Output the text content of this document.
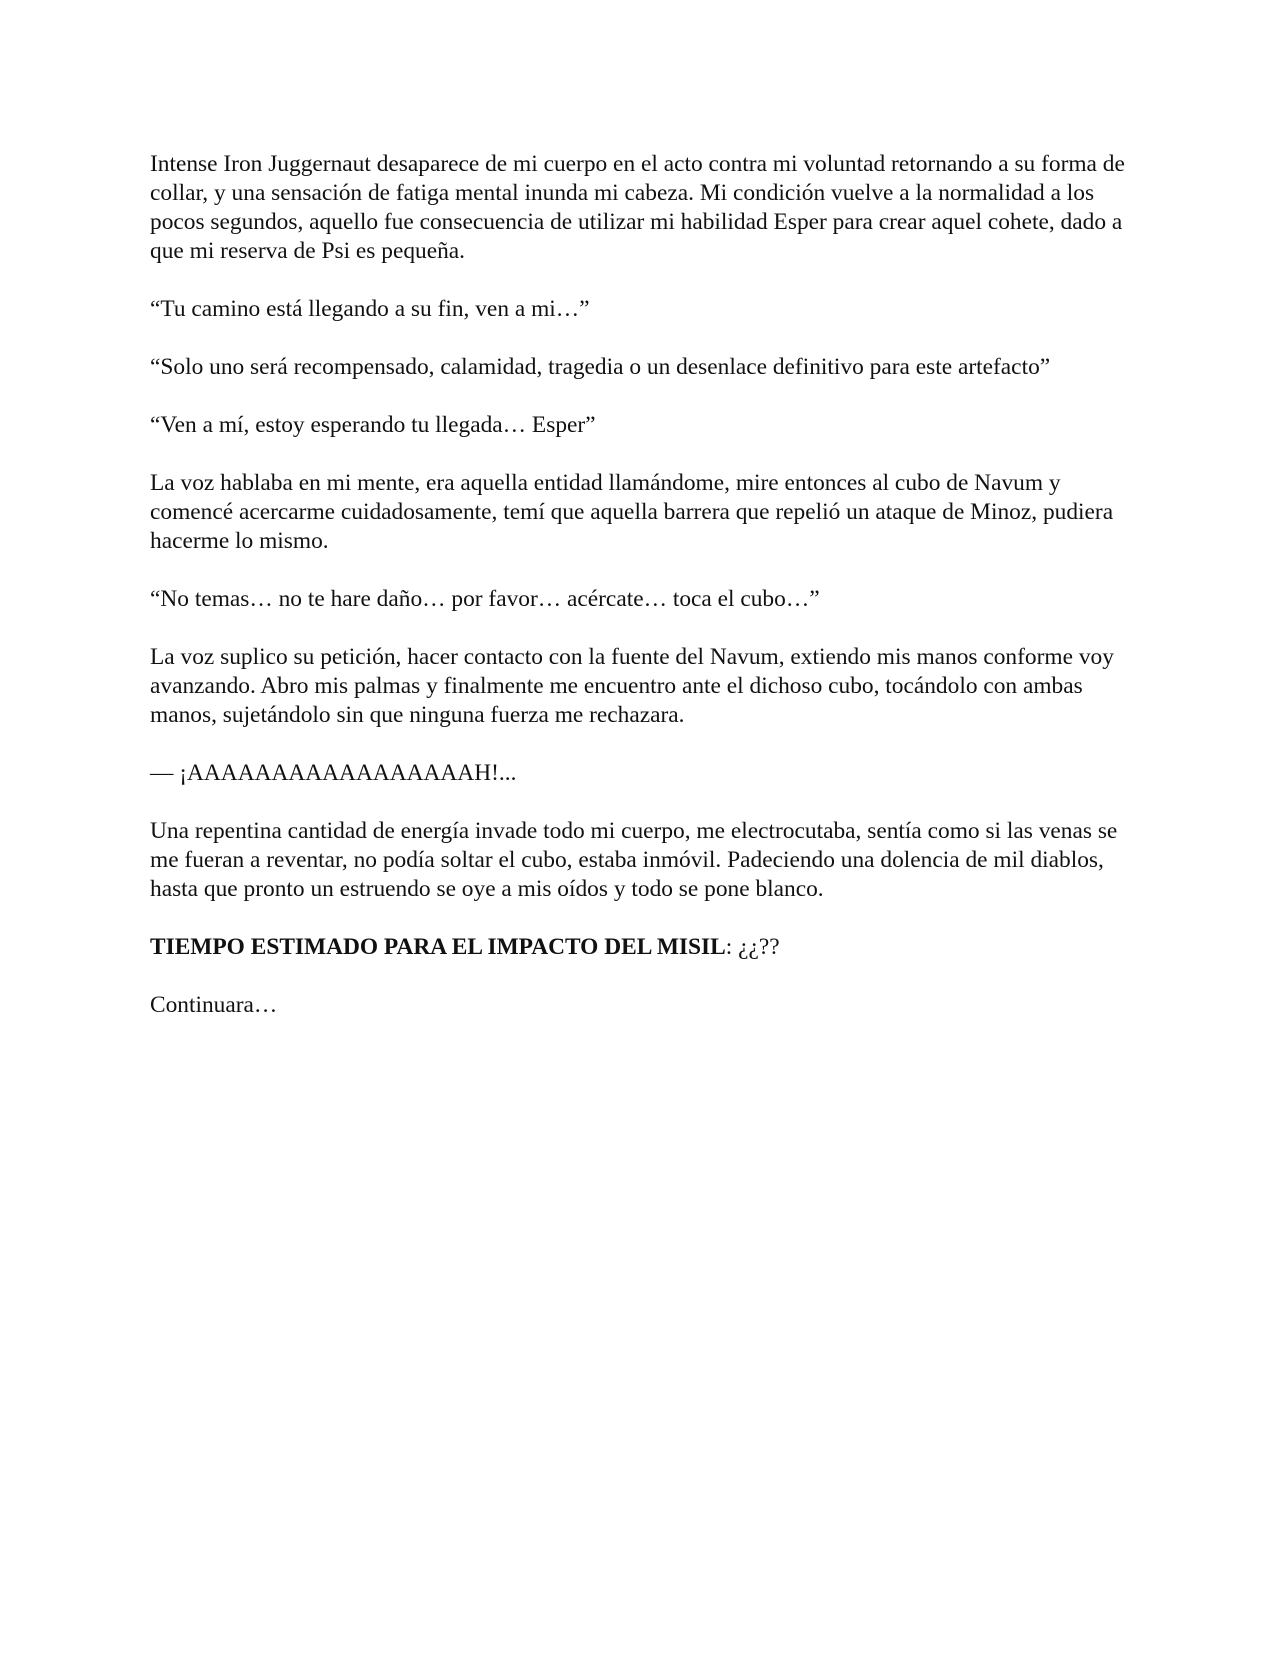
Intense Iron Juggernaut desaparece de mi cuerpo en el acto contra mi voluntad retornando a su forma de collar, y una sensación de fatiga mental inunda mi cabeza. Mi condición vuelve a la normalidad a los pocos segundos, aquello fue consecuencia de utilizar mi habilidad Esper para crear aquel cohete, dado a que mi reserva de Psi es pequeña.

“Tu camino está llegando a su fin, ven a mi…”

“Solo uno será recompensado, calamidad, tragedia o un desenlace definitivo para este artefacto”

“Ven a mí, estoy esperando tu llegada… Esper”

La voz hablaba en mi mente, era aquella entidad llamándome, mire entonces al cubo de Navum y comencé acercarme cuidadosamente, temí que aquella barrera que repelió un ataque de Minoz, pudiera hacerme lo mismo.

“No temas… no te hare daño… por favor… acércate… toca el cubo…”

La voz suplico su petición, hacer contacto con la fuente del Navum, extiendo mis manos conforme voy avanzando. Abro mis palmas y finalmente me encuentro ante el dichoso cubo, tocándolo con ambas manos, sujetándolo sin que ninguna fuerza me rechazara.

— ¡AAAAAAAAAAAAAAAAAH!...

Una repentina cantidad de energía invade todo mi cuerpo, me electrocutaba, sentía como si las venas se me fueran a reventar, no podía soltar el cubo, estaba inmóvil. Padeciendo una dolencia de mil diablos, hasta que pronto un estruendo se oye a mis oídos y todo se pone blanco.

TIEMPO ESTIMADO PARA EL IMPACTO DEL MISIL: ¿¿??

Continuara…
